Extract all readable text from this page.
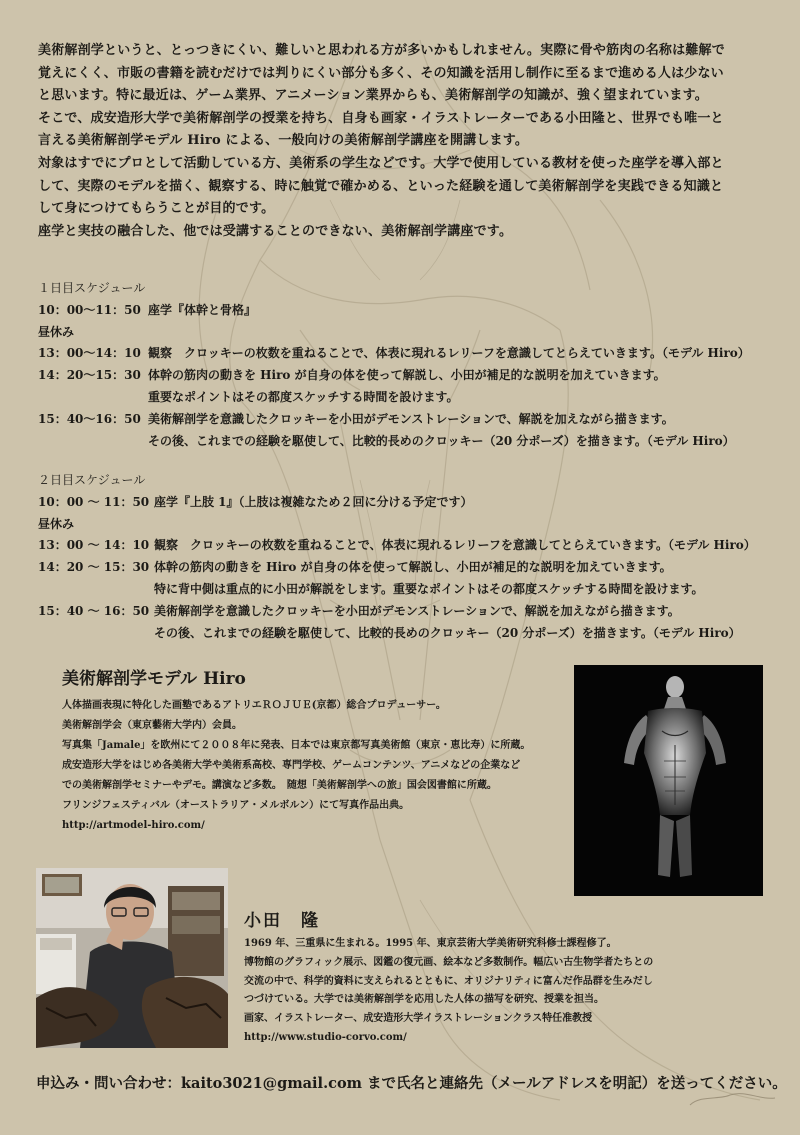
美術解剖学というと、とっつきにくい、難しいと思われる方が多いかもしれません。実際に骨や筋肉の名称は難解で

覚えにくく、市販の書籍を読むだけでは判りにくい部分も多く、その知識を活用し制作に至るまで進める人は少ない

と思います。特に最近は、ゲーム業界、アニメーション業界からも、美術解剖学の知識が、強く望まれています。

そこで、成安造形大学で美術解剖学の授業を持ち、自身も画家・イラストレーターである小田隆と、世界でも唯一と

言える美術解剖学モデル Hiro による、一般向けの美術解剖学講座を開講します。

対象はすでにプロとして活動している方、美術系の学生などです。大学で使用している教材を使った座学を導入部と

して、実際のモデルを描く、観察する、時に触覚で確かめる、といった経験を通して美術解剖学を実践できる知識と

して身につけてもらうことが目的です。

座学と実技の融合した、他では受講することのできない、美術解剖学講座です。

１日目スケジュール
10：00〜11：50 座学『体幹と骨格』
昼休み
13：00〜14：10 観察　クロッキーの枚数を重ねることで、体表に現れるレリーフを意識してとらえていきます。（モデル Hiro）
14：20〜15：30 体幹の筋肉の動きを Hiro が自身の体を使って解説し、小田が補足的な説明を加えていきます。
重要なポイントはその都度スケッチする時間を設けます。
15：40〜16：50 美術解剖学を意識したクロッキーを小田がデモンストレーションで、解説を加えながら描きます。
その後、これまでの経験を駆使して、比較的長めのクロッキー（20 分ポーズ）を描きます。（モデル Hiro）
２日目スケジュール
10：00 〜 11：50 座学『上肢 1』（上肢は複雑なため２回に分ける予定です）
昼休み
13：00 〜 14：10 観察　クロッキーの枚数を重ねることで、体表に現れるレリーフを意識してとらえていきます。（モデル Hiro）
14：20 〜 15：30 体幹の筋肉の動きを Hiro が自身の体を使って解説し、小田が補足的な説明を加えていきます。
特に背中側は重点的に小田が解説をします。重要なポイントはその都度スケッチする時間を設けます。
15：40 〜 16：50 美術解剖学を意識したクロッキーを小田がデモンストレーションで、解説を加えながら描きます。
その後、これまでの経験を駆使して、比較的長めのクロッキー（20 分ポーズ）を描きます。（モデル Hiro）
美術解剖学モデル Hiro
人体描画表現に特化した画塾であるアトリエＲＯＪＵＥ(京都）総合プロデューサー。
美術解剖学会（東京藝術大学内）会員。
写真集「Jamale」を欧州にて２００８年に発表、日本では東京都写真美術館（東京・恵比寿）に所蔵。
成安造形大学をはじめ各美術大学や美術系高校、専門学校、ゲームコンテンツ、アニメなどの企業など
での美術解剖学セミナーやデモ。講演など多数。　随想「美術解剖学への旅」国会図書館に所蔵。
フリンジフェスティバル（オーストラリア・メルボルン）にて写真作品出典。
http://artmodel-hiro.com/
小田　隆
1969 年、三重県に生まれる。1995 年、東京芸術大学美術研究科修士課程修了。
博物館のグラフィック展示、図鑑の復元画、絵本など多数制作。幅広い古生物学者たちとの
交流の中で、科学的資料に支えられるとともに、オリジナリティに富んだ作品群を生みだし
つづけている。大学では美術解剖学を応用した人体の描写を研究、授業を担当。
画家、イラストレーター、成安造形大学イラストレーションクラス特任准教授
http://www.studio-corvo.com/
申込み・問い合わせ：kaito3021@gmail.com まで氏名と連絡先（メールアドレスを明記）を送ってください。
